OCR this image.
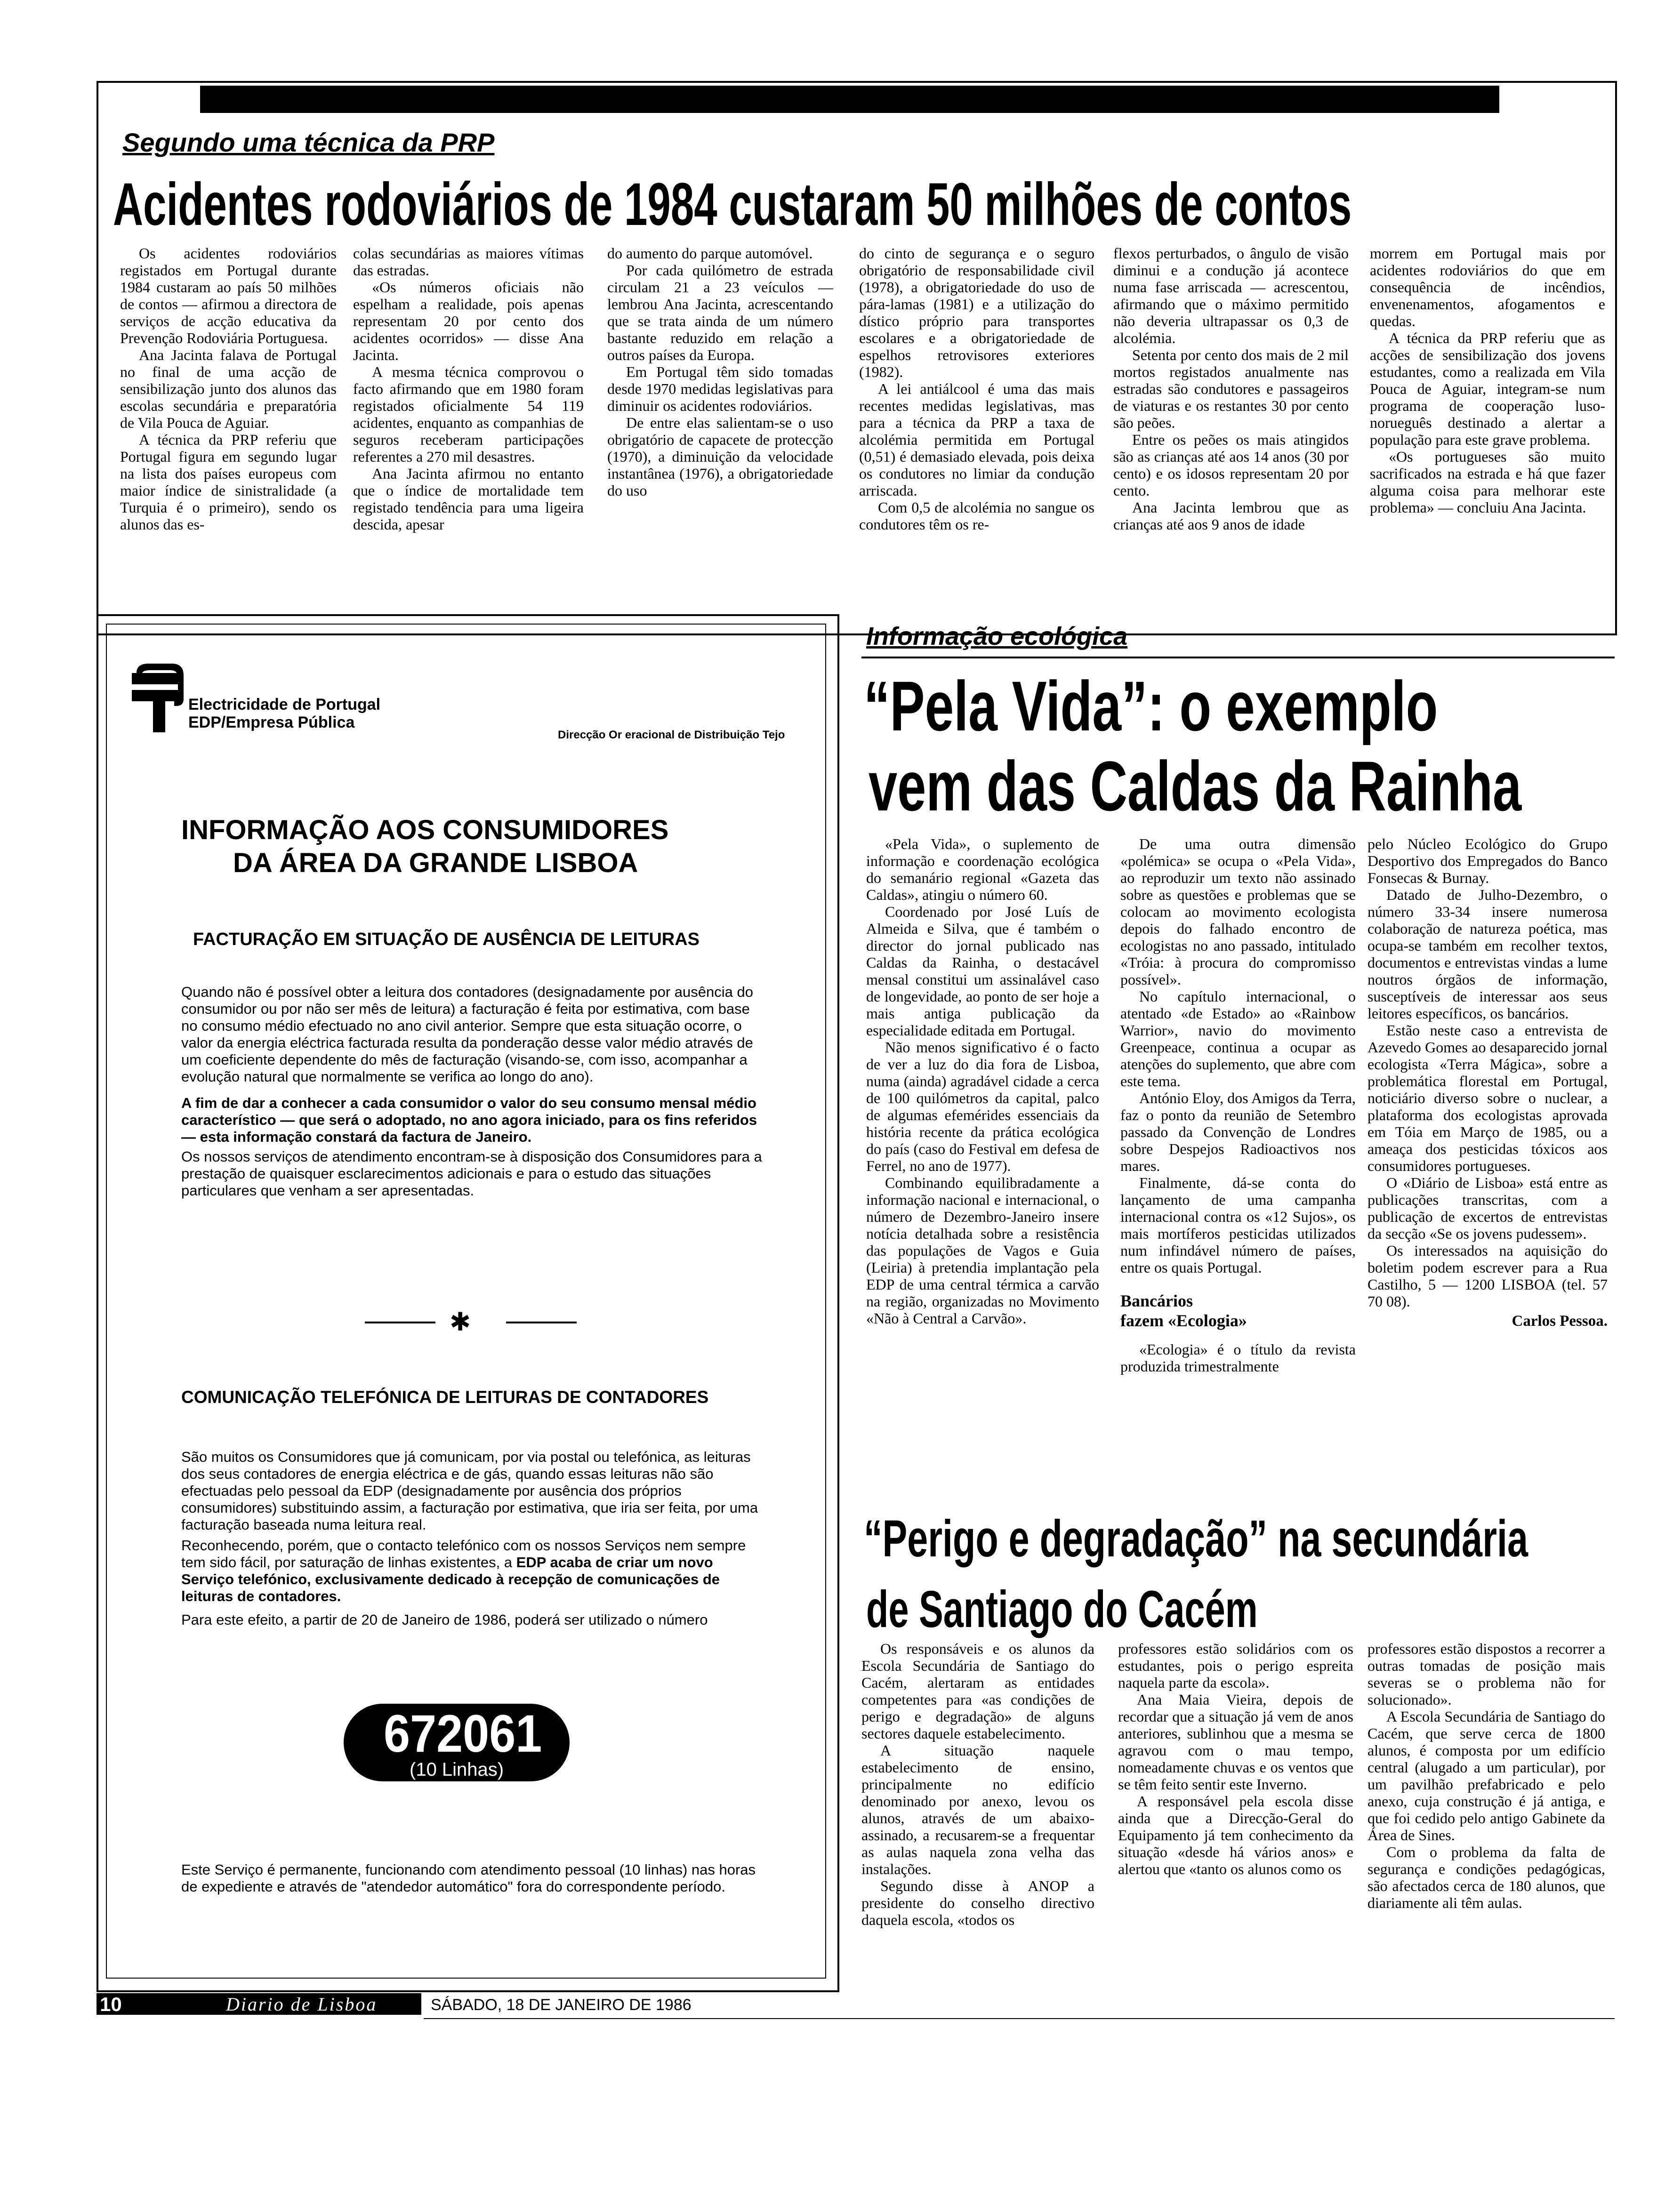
Segundo uma técnica da PRP
Acidentes rodoviários de 1984 custaram 50 milhões de contos

Os acidentes rodoviários registados em Portugal durante 1984 custaram ao país 50 milhões de contos — afirmou a directora de serviços de acção educativa da Prevenção Rodoviária Portuguesa.

Ana Jacinta falava de Portugal no final de uma acção de sensibilização junto dos alunos das escolas secundária e preparatória de Vila Pouca de Aguiar.

A técnica da PRP referiu que Portugal figura em segundo lugar na lista dos países europeus com maior índice de sinistralidade (a Turquia é o primeiro), sendo os alunos das es-

colas secundárias as maiores vítimas das estradas.

«Os números oficiais não espelham a realidade, pois apenas representam 20 por cento dos acidentes ocorridos» — disse Ana Jacinta.

A mesma técnica comprovou o facto afirmando que em 1980 foram registados oficialmente 54 119 acidentes, enquanto as companhias de seguros receberam participações referentes a 270 mil desastres.

Ana Jacinta afirmou no entanto que o índice de mortalidade tem registado tendência para uma ligeira descida, apesar

do aumento do parque automóvel.

Por cada quilómetro de estrada circulam 21 a 23 veículos — lembrou Ana Jacinta, acrescentando que se trata ainda de um número bastante reduzido em relação a outros países da Europa.

Em Portugal têm sido tomadas desde 1970 medidas legislativas para diminuir os acidentes rodoviários.

De entre elas salientam-se o uso obrigatório de capacete de protecção (1970), a diminuição da velocidade instantânea (1976), a obrigatoriedade do uso

do cinto de segurança e o seguro obrigatório de responsabilidade civil (1978), a obrigatoriedade do uso de pára-lamas (1981) e a utilização do dístico próprio para transportes escolares e a obrigatoriedade de espelhos retrovisores exteriores (1982).

A lei antiálcool é uma das mais recentes medidas legislativas, mas para a técnica da PRP a taxa de alcolémia permitida em Portugal (0,51) é demasiado elevada, pois deixa os condutores no limiar da condução arriscada.

Com 0,5 de alcolémia no sangue os condutores têm os re-

flexos perturbados, o ângulo de visão diminui e a condução já acontece numa fase arriscada — acrescentou, afirmando que o máximo permitido não deveria ultrapassar os 0,3 de alcolémia.

Setenta por cento dos mais de 2 mil mortos registados anualmente nas estradas são condutores e passageiros de viaturas e os restantes 30 por cento são peões.

Entre os peões os mais atingidos são as crianças até aos 14 anos (30 por cento) e os idosos representam 20 por cento.

Ana Jacinta lembrou que as crianças até aos 9 anos de idade

morrem em Portugal mais por acidentes rodoviários do que em consequência de incêndios, envenenamentos, afogamentos e quedas.

A técnica da PRP referiu que as acções de sensibilização dos jovens estudantes, como a realizada em Vila Pouca de Aguiar, integram-se num programa de cooperação luso-norueguês destinado a alertar a população para este grave problema.

«Os portugueses são muito sacrificados na estrada e há que fazer alguma coisa para melhorar este problema» — concluiu Ana Jacinta.

Electricidade de Portugal
EDP/Empresa Pública
Direcção Or eracional de Distribuição Tejo
INFORMAÇÃO AOS CONSUMIDORES
DA ÁREA DA GRANDE LISBOA
FACTURAÇÃO EM SITUAÇÃO DE AUSÊNCIA DE LEITURAS

Quando não é possível obter a leitura dos contadores (designadamente por ausência do consumidor ou por não ser mês de leitura) a facturação é feita por estimativa, com base no consumo médio efectuado no ano civil anterior. Sempre que esta situação ocorre, o valor da energia eléctrica facturada resulta da ponderação desse valor médio através de um coeficiente dependente do mês de facturação (visando-se, com isso, acompanhar a evolução natural que normalmente se verifica ao longo do ano).

A fim de dar a conhecer a cada consumidor o valor do seu consumo mensal médio característico — que será o adoptado, no ano agora iniciado, para os fins referidos — esta informação constará da factura de Janeiro.

Os nossos serviços de atendimento encontram-se à disposição dos Consumidores para a prestação de quaisquer esclarecimentos adicionais e para o estudo das situações particulares que venham a ser apresentadas.

✱
COMUNICAÇÃO TELEFÓNICA DE LEITURAS DE CONTADORES

São muitos os Consumidores que já comunicam, por via postal ou telefónica, as leituras dos seus contadores de energia eléctrica e de gás, quando essas leituras não são efectuadas pelo pessoal da EDP (designadamente por ausência dos próprios consumidores) substituindo assim, a facturação por estimativa, que iria ser feita, por uma facturação baseada numa leitura real.

Reconhecendo, porém, que o contacto telefónico com os nossos Serviços nem sempre tem sido fácil, por saturação de linhas existentes, a EDP acaba de criar um novo Serviço telefónico, exclusivamente dedicado à recepção de comunicações de leituras de contadores.

Para este efeito, a partir de 20 de Janeiro de 1986, poderá ser utilizado o número

672061
(10 Linhas)
Este Serviço é permanente, funcionando com atendimento pessoal (10 linhas) nas horas de expediente e através de "atendedor automático" fora do correspondente período.
Informação ecológica
“Pela Vida”: o exemplo
vem das Caldas da Rainha

«Pela Vida», o suplemento de informação e coordenação ecológica do semanário regional «Gazeta das Caldas», atingiu o número 60.

Coordenado por José Luís de Almeida e Silva, que é também o director do jornal publicado nas Caldas da Rainha, o destacável mensal constitui um assinalável caso de longevidade, ao ponto de ser hoje a mais antiga publicação da especialidade editada em Portugal.

Não menos significativo é o facto de ver a luz do dia fora de Lisboa, numa (ainda) agradável cidade a cerca de 100 quilómetros da capital, palco de algumas efemérides essenciais da história recente da prática ecológica do país (caso do Festival em defesa de Ferrel, no ano de 1977).

Combinando equilibradamente a informação nacional e internacional, o número de Dezembro-Janeiro insere notícia detalhada sobre a resistência das populações de Vagos e Guia (Leiria) à pretendia implantação pela EDP de uma central térmica a carvão na região, organizadas no Movimento «Não à Central a Carvão».

De uma outra dimensão «polémica» se ocupa o «Pela Vida», ao reproduzir um texto não assinado sobre as questões e problemas que se colocam ao movimento ecologista depois do falhado encontro de ecologistas no ano passado, intitulado «Tróia: à procura do compromisso possível».

No capítulo internacional, o atentado «de Estado» ao «Rainbow Warrior», navio do movimento Greenpeace, continua a ocupar as atenções do suplemento, que abre com este tema.

António Eloy, dos Amigos da Terra, faz o ponto da reunião de Setembro passado da Convenção de Londres sobre Despejos Radioactivos nos mares.

Finalmente, dá-se conta do lançamento de uma campanha internacional contra os «12 Sujos», os mais mortíferos pesticidas utilizados num infindável número de países, entre os quais Portugal.

Bancários
fazem «Ecologia»

«Ecologia» é o título da revista produzida trimestralmente

pelo Núcleo Ecológico do Grupo Desportivo dos Empregados do Banco Fonsecas & Burnay.

Datado de Julho-Dezembro, o número 33-34 insere numerosa colaboração de natureza poética, mas ocupa-se também em recolher textos, documentos e entrevistas vindas a lume noutros órgãos de informação, susceptíveis de interessar aos seus leitores específicos, os bancários.

Estão neste caso a entrevista de Azevedo Gomes ao desaparecido jornal ecologista «Terra Mágica», sobre a problemática florestal em Portugal, noticiário diverso sobre o nuclear, a plataforma dos ecologistas aprovada em Tóia em Março de 1985, ou a ameaça dos pesticidas tóxicos aos consumidores portugueses.

O «Diário de Lisboa» está entre as publicações transcritas, com a publicação de excertos de entrevistas da secção «Se os jovens pudessem».

Os interessados na aquisição do boletim podem escrever para a Rua Castilho, 5 — 1200 LISBOA (tel. 57 70 08).

Carlos Pessoa.
“Perigo e degradação” na secundária
de Santiago do Cacém

Os responsáveis e os alunos da Escola Secundária de Santiago do Cacém, alertaram as entidades competentes para «as condições de perigo e degradação» de alguns sectores daquele estabelecimento.

A situação naquele estabelecimento de ensino, principalmente no edifício denominado por anexo, levou os alunos, através de um abaixo-assinado, a recusarem-se a frequentar as aulas naquela zona velha das instalações.

Segundo disse à ANOP a presidente do conselho directivo daquela escola, «todos os

professores estão solidários com os estudantes, pois o perigo espreita naquela parte da escola».

Ana Maia Vieira, depois de recordar que a situação já vem de anos anteriores, sublinhou que a mesma se agravou com o mau tempo, nomeadamente chuvas e os ventos que se têm feito sentir este Inverno.

A responsável pela escola disse ainda que a Direcção-Geral do Equipamento já tem conhecimento da situação «desde há vários anos» e alertou que «tanto os alunos como os

professores estão dispostos a recorrer a outras tomadas de posição mais severas se o problema não for solucionado».

A Escola Secundária de Santiago do Cacém, que serve cerca de 1800 alunos, é composta por um edifício central (alugado a um particular), por um pavilhão prefabricado e pelo anexo, cuja construção é já antiga, e que foi cedido pelo antigo Gabinete da Área de Sines.

Com o problema da falta de segurança e condições pedagógicas, são afectados cerca de 180 alunos, que diariamente ali têm aulas.

10	Diario de Lisboa	SÁBADO, 18 DE JANEIRO DE 1986
